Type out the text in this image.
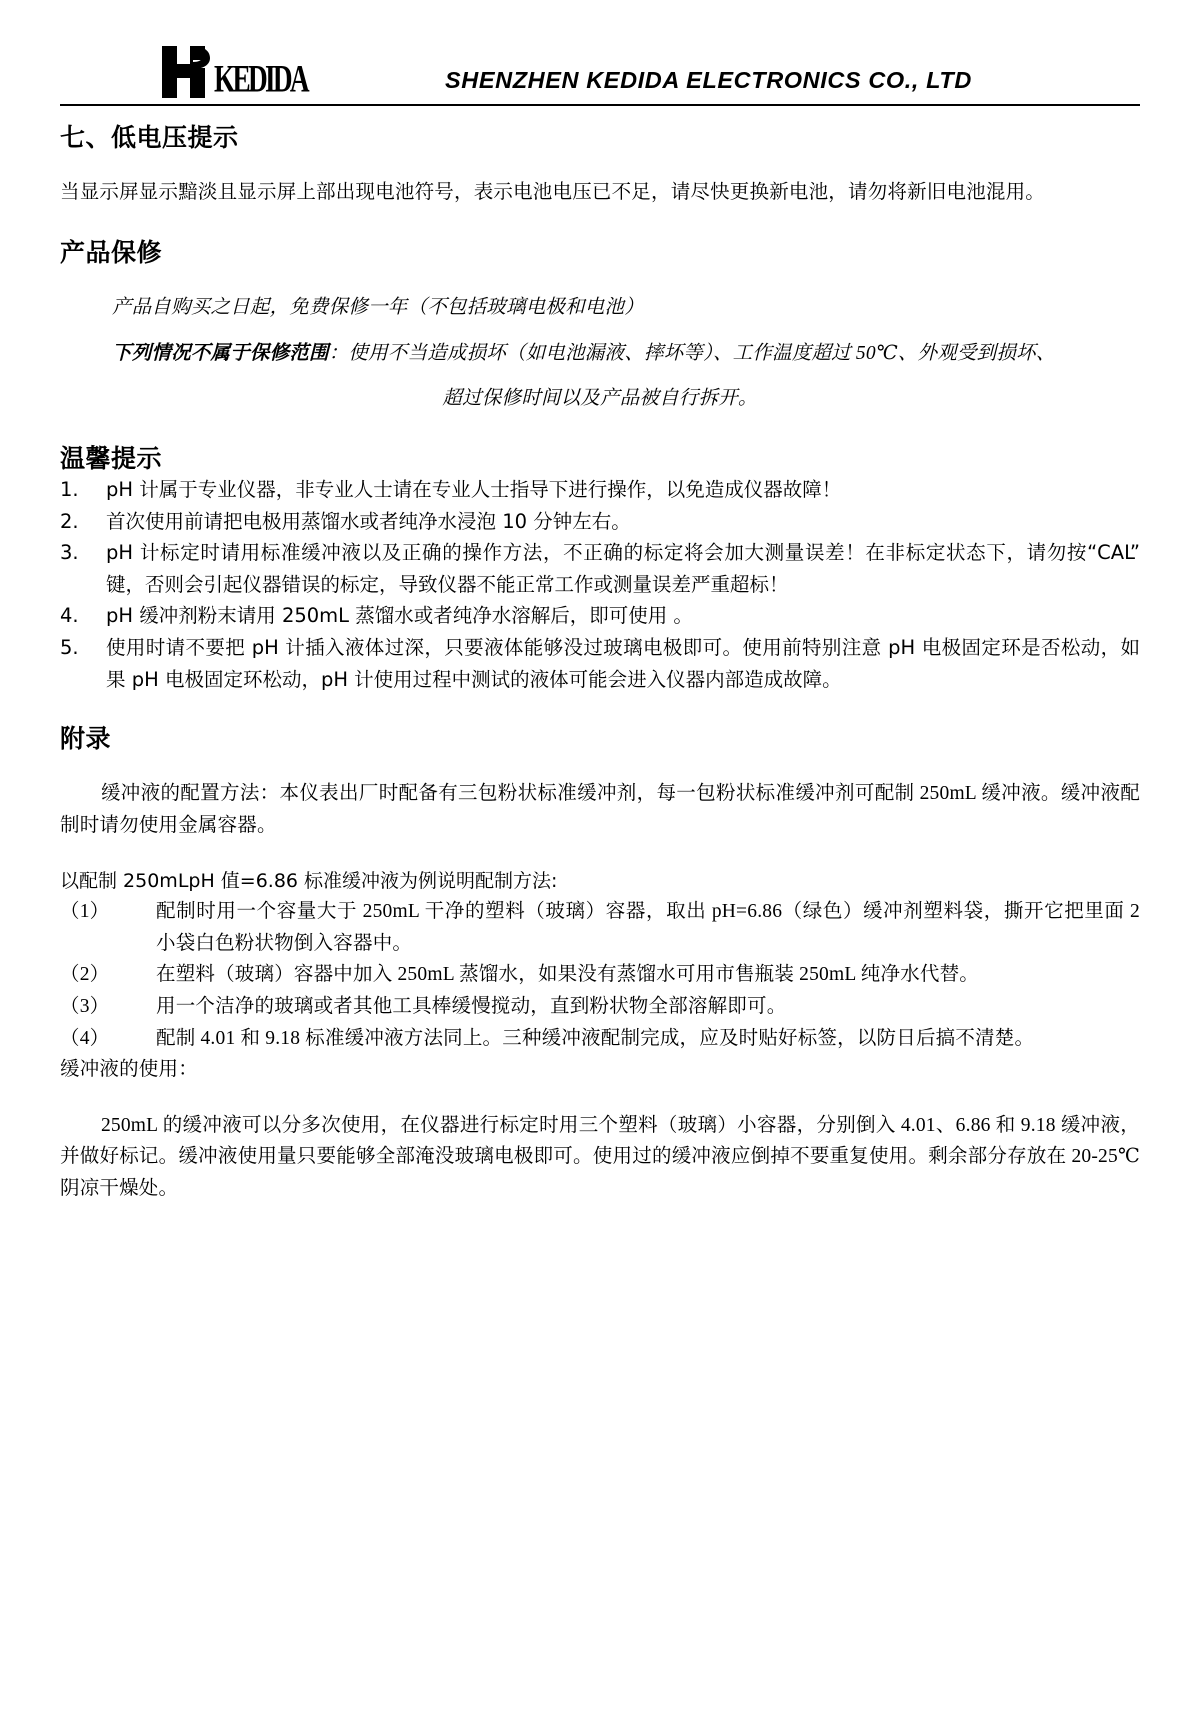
KEDIDA	SHENZHEN KEDIDA ELECTRONICS CO., LTD
七、低电压提示

当显示屏显示黯淡且显示屏上部出现电池符号，表示电池电压已不足，请尽快更换新电池，请勿将新旧电池混用。

产品保修

产品自购买之日起，免费保修一年（不包括玻璃电极和电池）

下列情况不属于保修范围：使用不当造成损坏（如电池漏液、摔坏等）、工作温度超过 50℃、外观受到损坏、

超过保修时间以及产品被自行拆开。

温馨提示

1.	pH 计属于专业仪器，非专业人士请在专业人士指导下进行操作，以免造成仪器故障！

2.	首次使用前请把电极用蒸馏水或者纯净水浸泡 10 分钟左右。

3.	pH 计标定时请用标准缓冲液以及正确的操作方法，不正确的标定将会加大测量误差！在非标定状态下，请勿按“CAL”键，否则会引起仪器错误的标定，导致仪器不能正常工作或测量误差严重超标！

4.	pH 缓冲剂粉末请用 250mL 蒸馏水或者纯净水溶解后，即可使用 。

5.	使用时请不要把 pH 计插入液体过深，只要液体能够没过玻璃电极即可。使用前特别注意 pH 电极固定环是否松动，如果 pH 电极固定环松动，pH 计使用过程中测试的液体可能会进入仪器内部造成故障。

附录

缓冲液的配置方法：本仪表出厂时配备有三包粉状标准缓冲剂，每一包粉状标准缓冲剂可配制 250mL 缓冲液。缓冲液配制时请勿使用金属容器。

以配制 250mLpH 值=6.86 标准缓冲液为例说明配制方法:

（1）	配制时用一个容量大于 250mL 干净的塑料（玻璃）容器，取出 pH=6.86（绿色）缓冲剂塑料袋，撕开它把里面 2 小袋白色粉状物倒入容器中。

（2）	在塑料（玻璃）容器中加入 250mL 蒸馏水，如果没有蒸馏水可用市售瓶装 250mL 纯净水代替。

（3）	用一个洁净的玻璃或者其他工具棒缓慢搅动，直到粉状物全部溶解即可。

（4）	配制 4.01 和 9.18 标准缓冲液方法同上。三种缓冲液配制完成，应及时贴好标签，以防日后搞不清楚。

缓冲液的使用：

250mL 的缓冲液可以分多次使用，在仪器进行标定时用三个塑料（玻璃）小容器，分别倒入 4.01、6.86 和 9.18 缓冲液，并做好标记。缓冲液使用量只要能够全部淹没玻璃电极即可。使用过的缓冲液应倒掉不要重复使用。剩余部分存放在 20-25℃阴凉干燥处。
